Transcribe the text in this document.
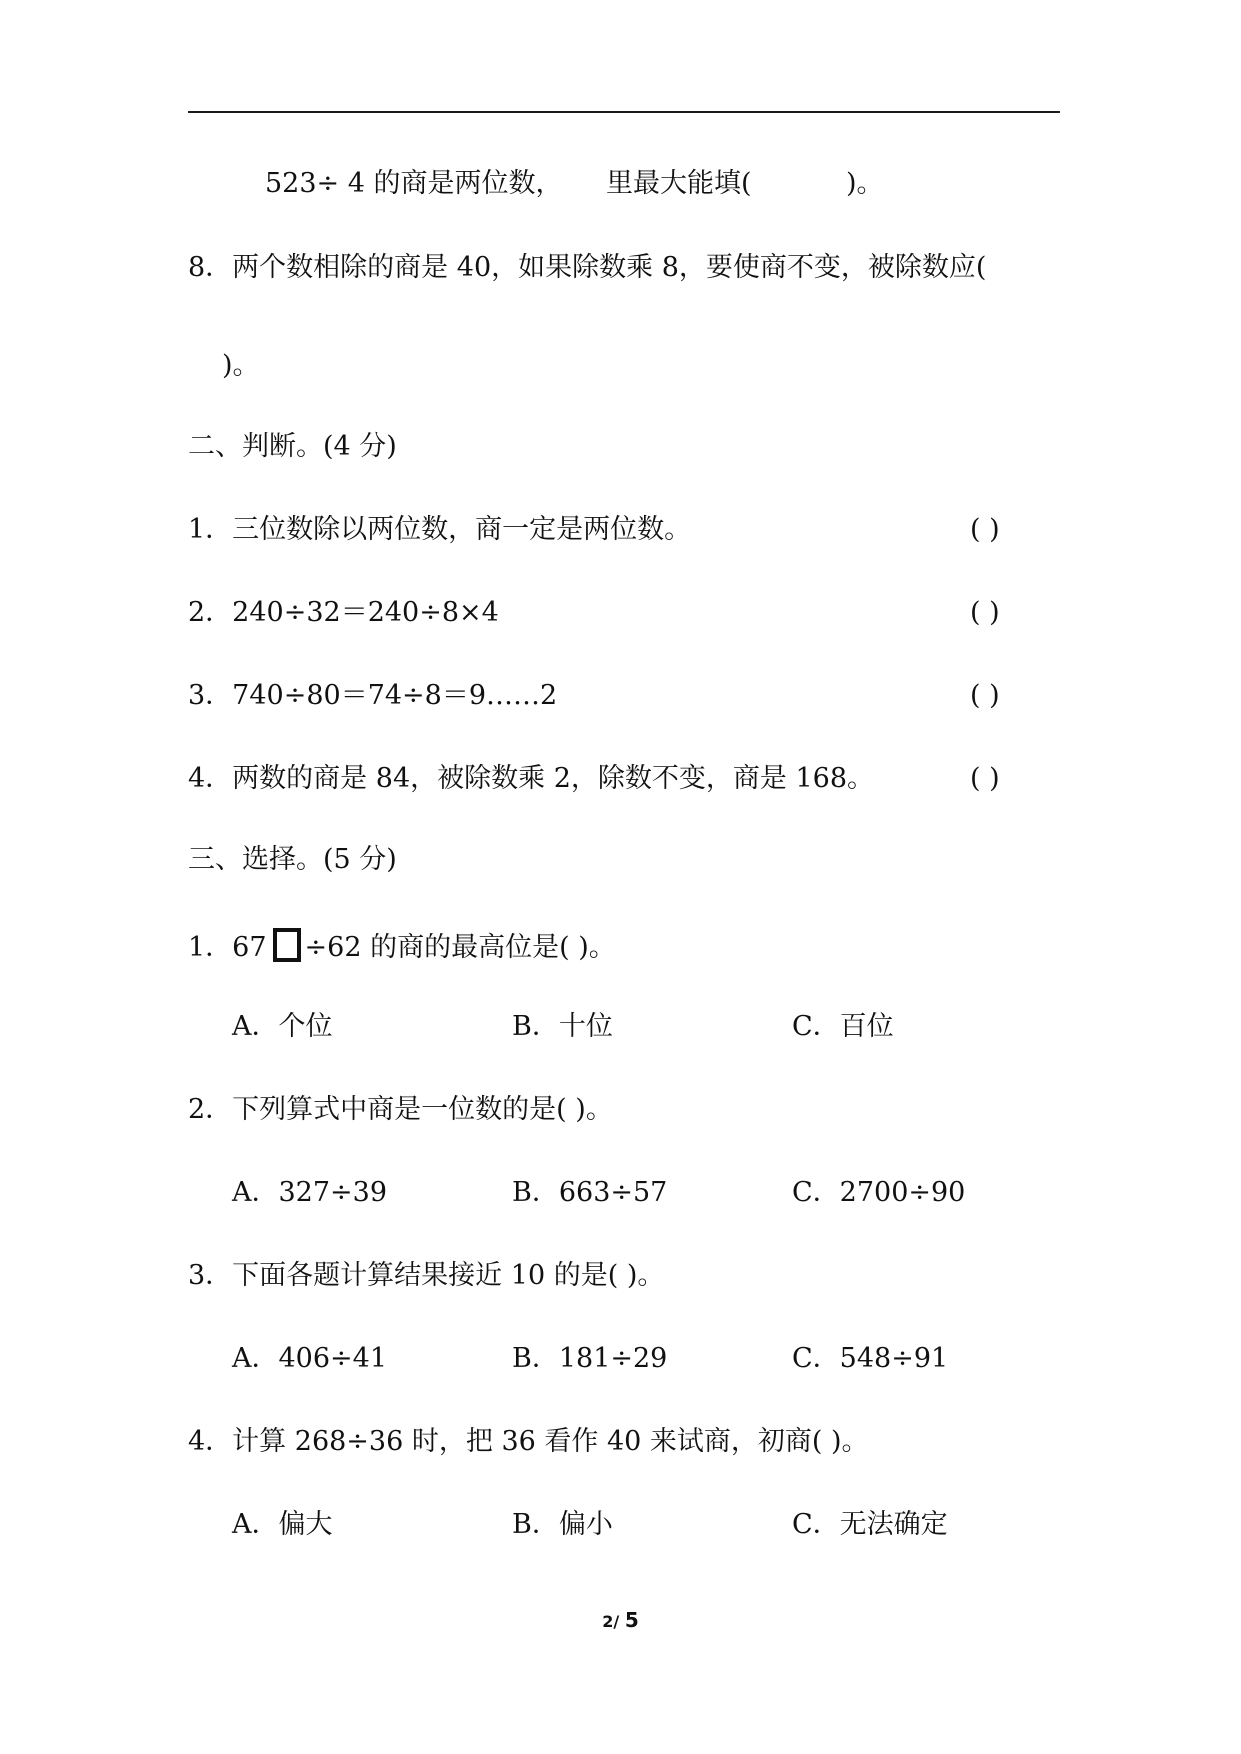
523÷ 4 的商是两位数， 里最大能填(	)。
8．两个数相除的商是 40，如果除数乘 8，要使商不变，被除数应(
)。
二、判断。(4 分)
1．三位数除以两位数，商一定是两位数。	( )
2．240÷32＝240÷8×4	( )
3．740÷80＝74÷8＝9……2	( )
4．两数的商是 84，被除数乘 2，除数不变，商是 168。	( )
三、选择。(5 分)
1．67 ÷62 的商的最高位是( )。
A．个位	B．十位	C．百位
2．下列算式中商是一位数的是( )。
A．327÷39	B．663÷57	C．2700÷90
3．下面各题计算结果接近 10 的是( )。
A．406÷41	B．181÷29	C．548÷91
4．计算 268÷36 时，把 36 看作 40 来试商，初商( )。
A．偏大	B．偏小	C．无法确定
2/ 5
